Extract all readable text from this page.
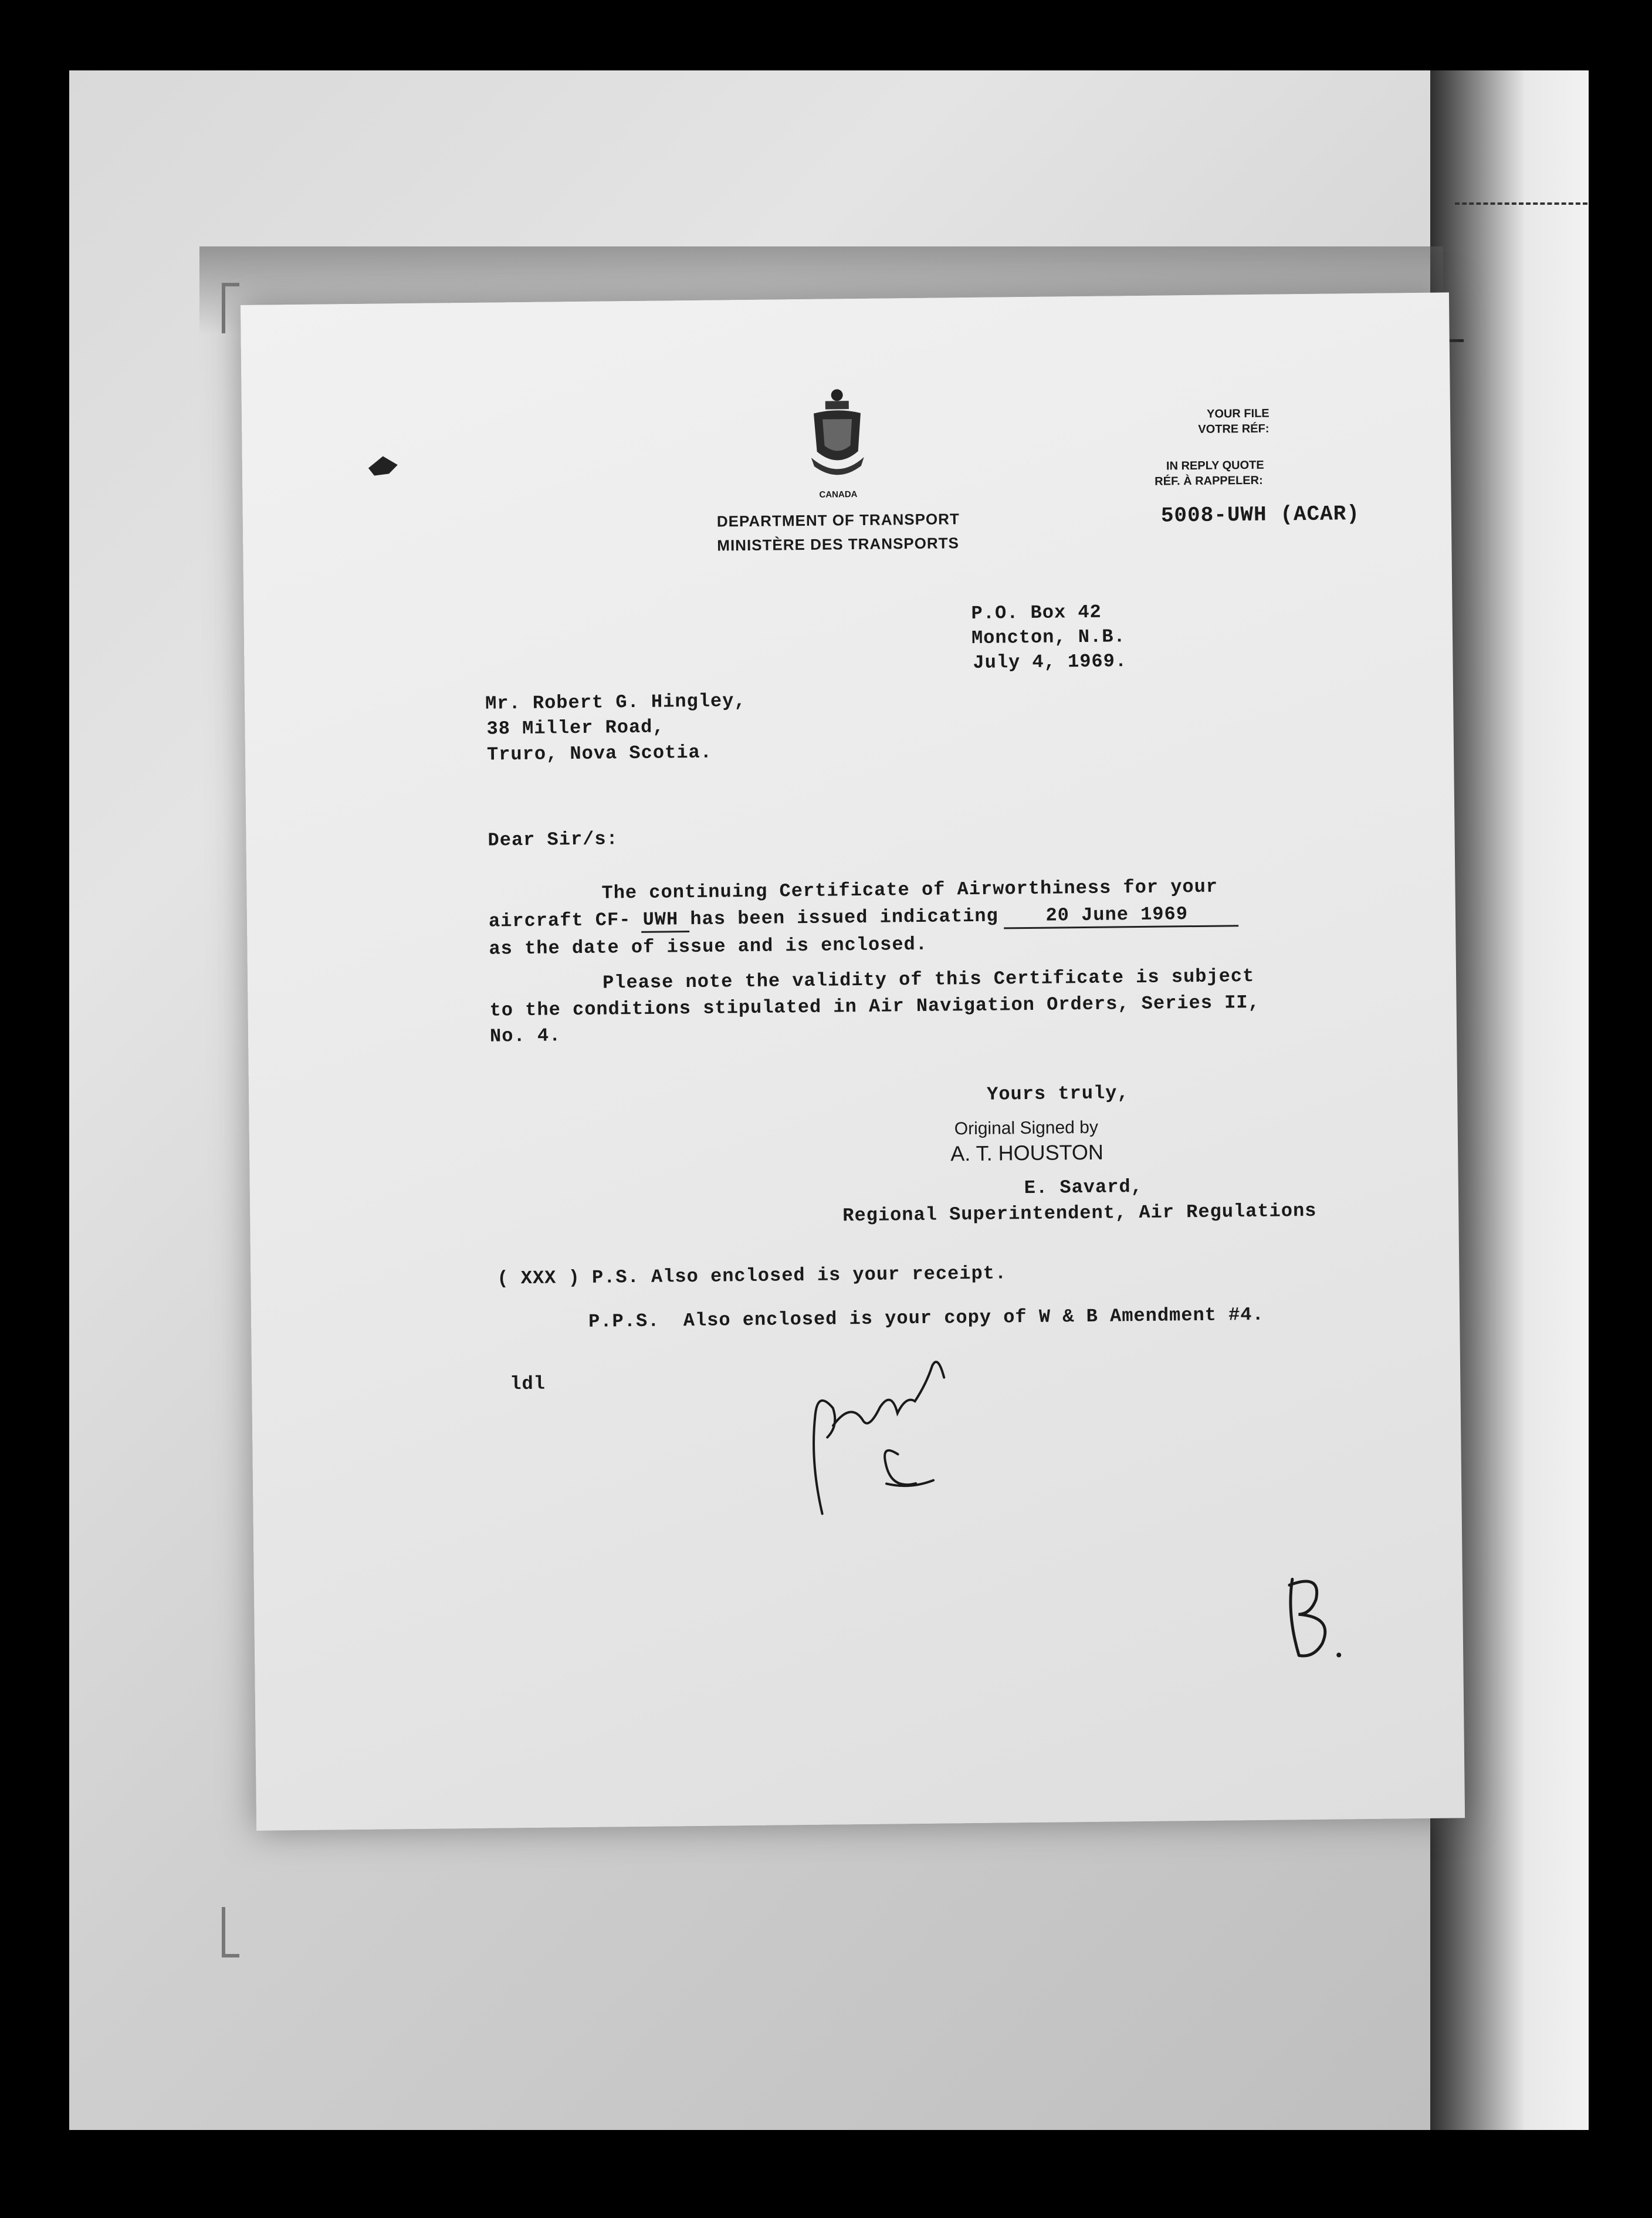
CANADA
DEPARTMENT OF TRANSPORT
MINISTÈRE DES TRANSPORTS
YOUR FILE
VOTRE RÉF:
IN REPLY QUOTE
RÉF. À RAPPELER:
5008-UWH (ACAR)
P.O. Box 42
Moncton, N.B.
July 4, 1969.
Mr. Robert G. Hingley,
38 Miller Road,
Truro, Nova Scotia.
Dear Sir/s:
The continuing Certificate of Airworthiness for your
aircraft CF- UWH has been issued indicating    20 June 1969
as the date of issue and is enclosed.
Please note the validity of this Certificate is subject
to the conditions stipulated in Air Navigation Orders, Series II,
No. 4.
Yours truly,
Original Signed by
A. T. HOUSTON
E. Savard,
Regional Superintendent, Air Regulations
( XXX ) P.S. Also enclosed is your receipt.
P.P.S.  Also enclosed is your copy of W & B Amendment #4.
ldl
